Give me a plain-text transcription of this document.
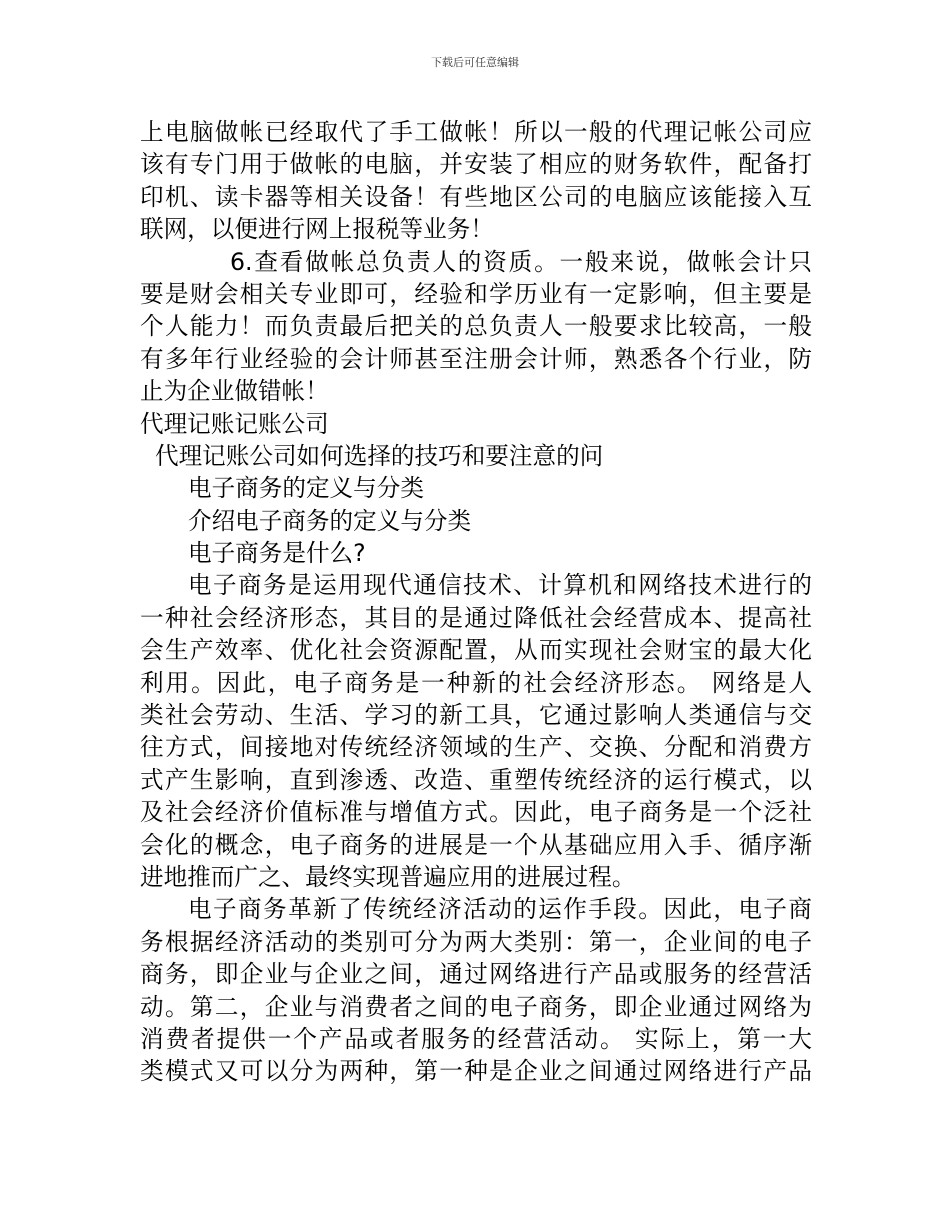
下载后可任意编辑
上电脑做帐已经取代了手工做帐！所以一般的代理记帐公司应
该有专门用于做帐的电脑，并安装了相应的财务软件，配备打
印机、读卡器等相关设备！有些地区公司的电脑应该能接入互
联网，以便进行网上报税等业务！
6.查看做帐总负责人的资质。一般来说，做帐会计只
要是财会相关专业即可，经验和学历业有一定影响，但主要是
个人能力！而负责最后把关的总负责人一般要求比较高，一般
有多年行业经验的会计师甚至注册会计师，熟悉各个行业，防
止为企业做错帐！
代理记账记账公司
代理记账公司如何选择的技巧和要注意的问
电子商务的定义与分类
介绍电子商务的定义与分类
电子商务是什么?
电子商务是运用现代通信技术、计算机和网络技术进行的
一种社会经济形态，其目的是通过降低社会经营成本、提高社
会生产效率、优化社会资源配置，从而实现社会财宝的最大化
利用。因此，电子商务是一种新的社会经济形态。 网络是人
类社会劳动、生活、学习的新工具，它通过影响人类通信与交
往方式，间接地对传统经济领域的生产、交换、分配和消费方
式产生影响，直到渗透、改造、重塑传统经济的运行模式，以
及社会经济价值标准与增值方式。因此，电子商务是一个泛社
会化的概念，电子商务的进展是一个从基础应用入手、循序渐
进地推而广之、最终实现普遍应用的进展过程。
电子商务革新了传统经济活动的运作手段。因此，电子商
务根据经济活动的类别可分为两大类别：第一，企业间的电子
商务，即企业与企业之间，通过网络进行产品或服务的经营活
动。第二，企业与消费者之间的电子商务，即企业通过网络为
消费者提供一个产品或者服务的经营活动。 实际上，第一大
类模式又可以分为两种，第一种是企业之间通过网络进行产品
